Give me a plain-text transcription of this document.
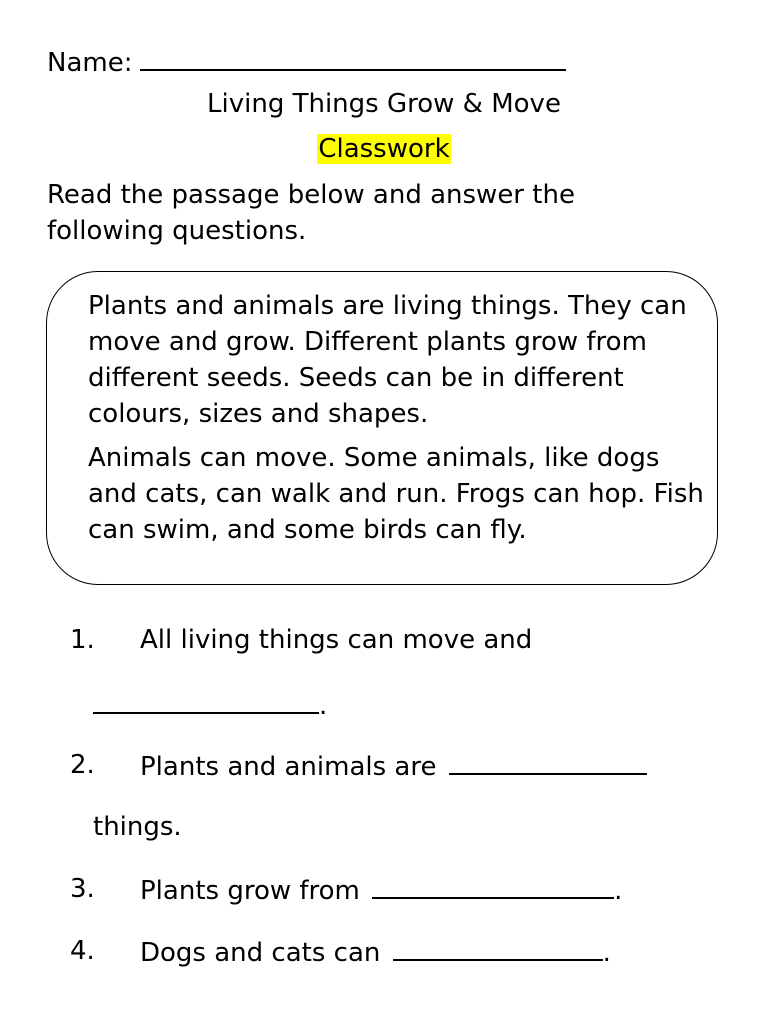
Name:
Living Things Grow & Move
Classwork
Read the passage below and answer the
following questions.
Plants and animals are living things. They can move and grow. Different plants grow from different seeds. Seeds can be in different colours, sizes and shapes.
Animals can move. Some animals, like dogs and cats, can walk and run. Frogs can hop. Fish can swim, and some birds can fly.
1. All living things can move and
.
2. Plants and animals are
things.
3. Plants grow from	.
4. Dogs and cats can	.
